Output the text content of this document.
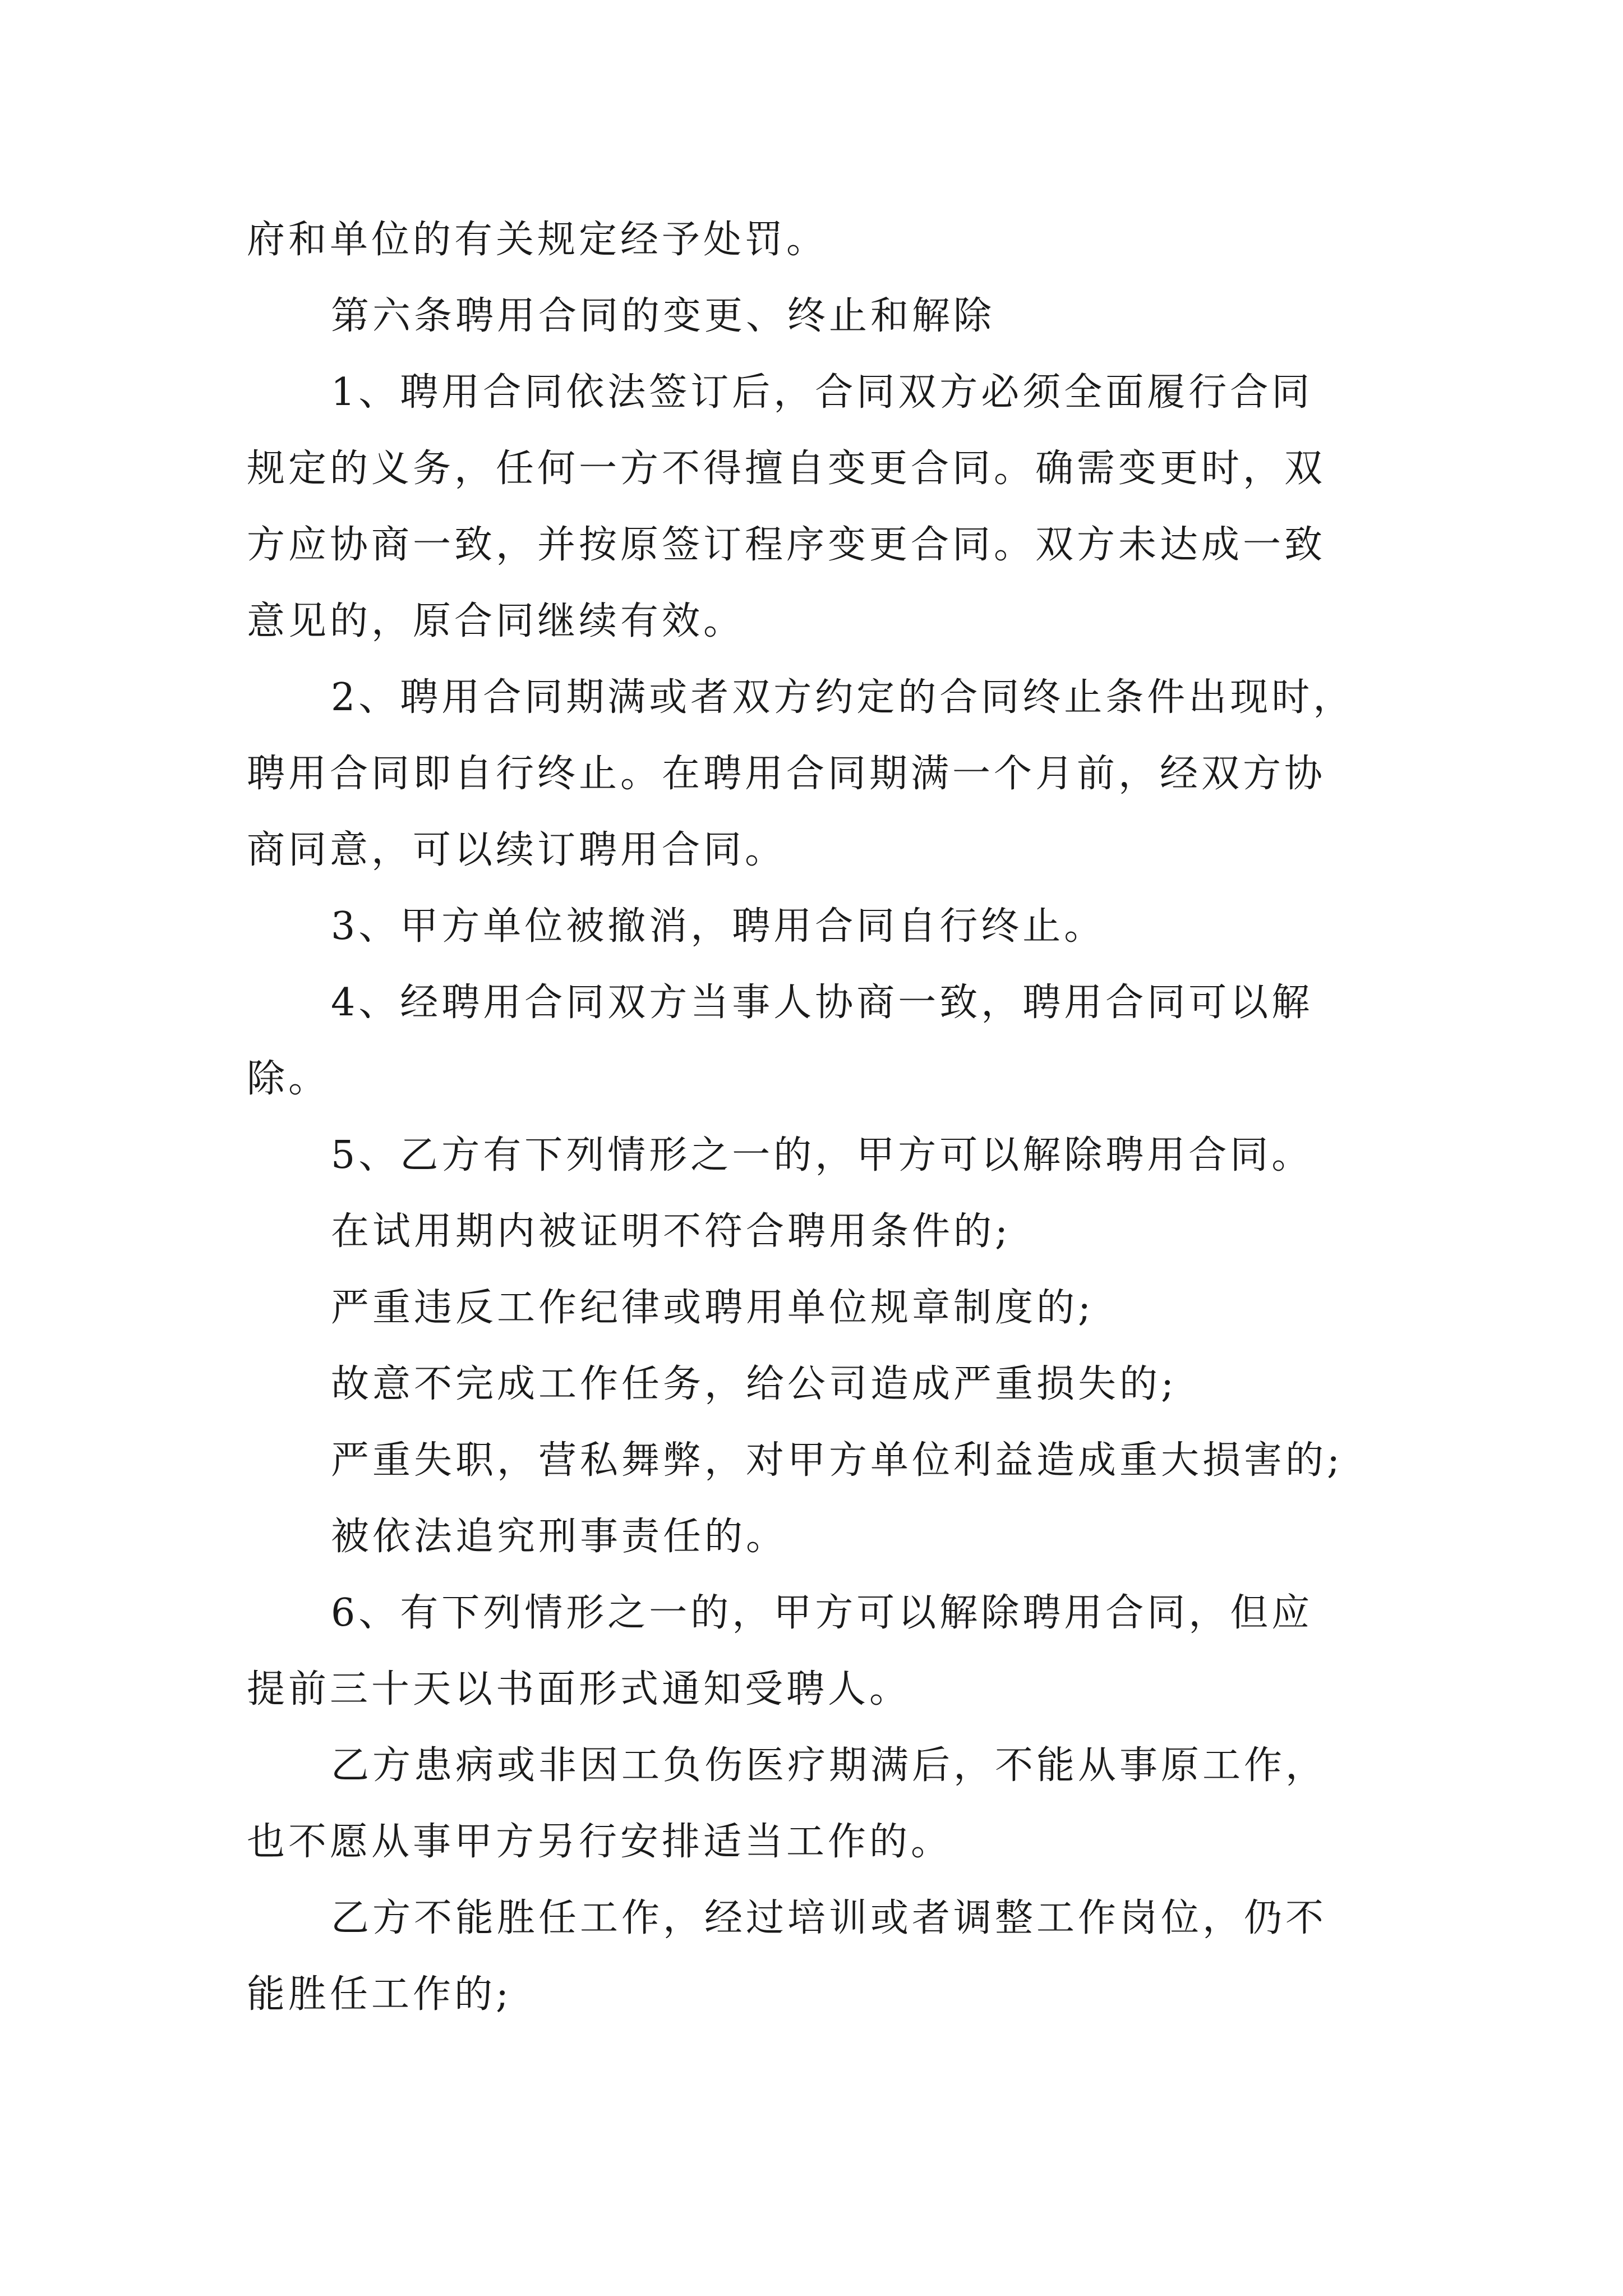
府和单位的有关规定经予处罚。
第六条聘用合同的变更、终止和解除
1、聘用合同依法签订后，合同双方必须全面履行合同
规定的义务，任何一方不得擅自变更合同。确需变更时，双
方应协商一致，并按原签订程序变更合同。双方未达成一致
意见的，原合同继续有效。
2、聘用合同期满或者双方约定的合同终止条件出现时，
聘用合同即自行终止。在聘用合同期满一个月前，经双方协
商同意，可以续订聘用合同。
3、甲方单位被撤消，聘用合同自行终止。
4、经聘用合同双方当事人协商一致，聘用合同可以解
除。
5、乙方有下列情形之一的，甲方可以解除聘用合同。
在试用期内被证明不符合聘用条件的;
严重违反工作纪律或聘用单位规章制度的;
故意不完成工作任务，给公司造成严重损失的;
严重失职，营私舞弊，对甲方单位利益造成重大损害的;
被依法追究刑事责任的。
6、有下列情形之一的，甲方可以解除聘用合同，但应
提前三十天以书面形式通知受聘人。
乙方患病或非因工负伤医疗期满后，不能从事原工作，
也不愿从事甲方另行安排适当工作的。
乙方不能胜任工作，经过培训或者调整工作岗位，仍不
能胜任工作的;
